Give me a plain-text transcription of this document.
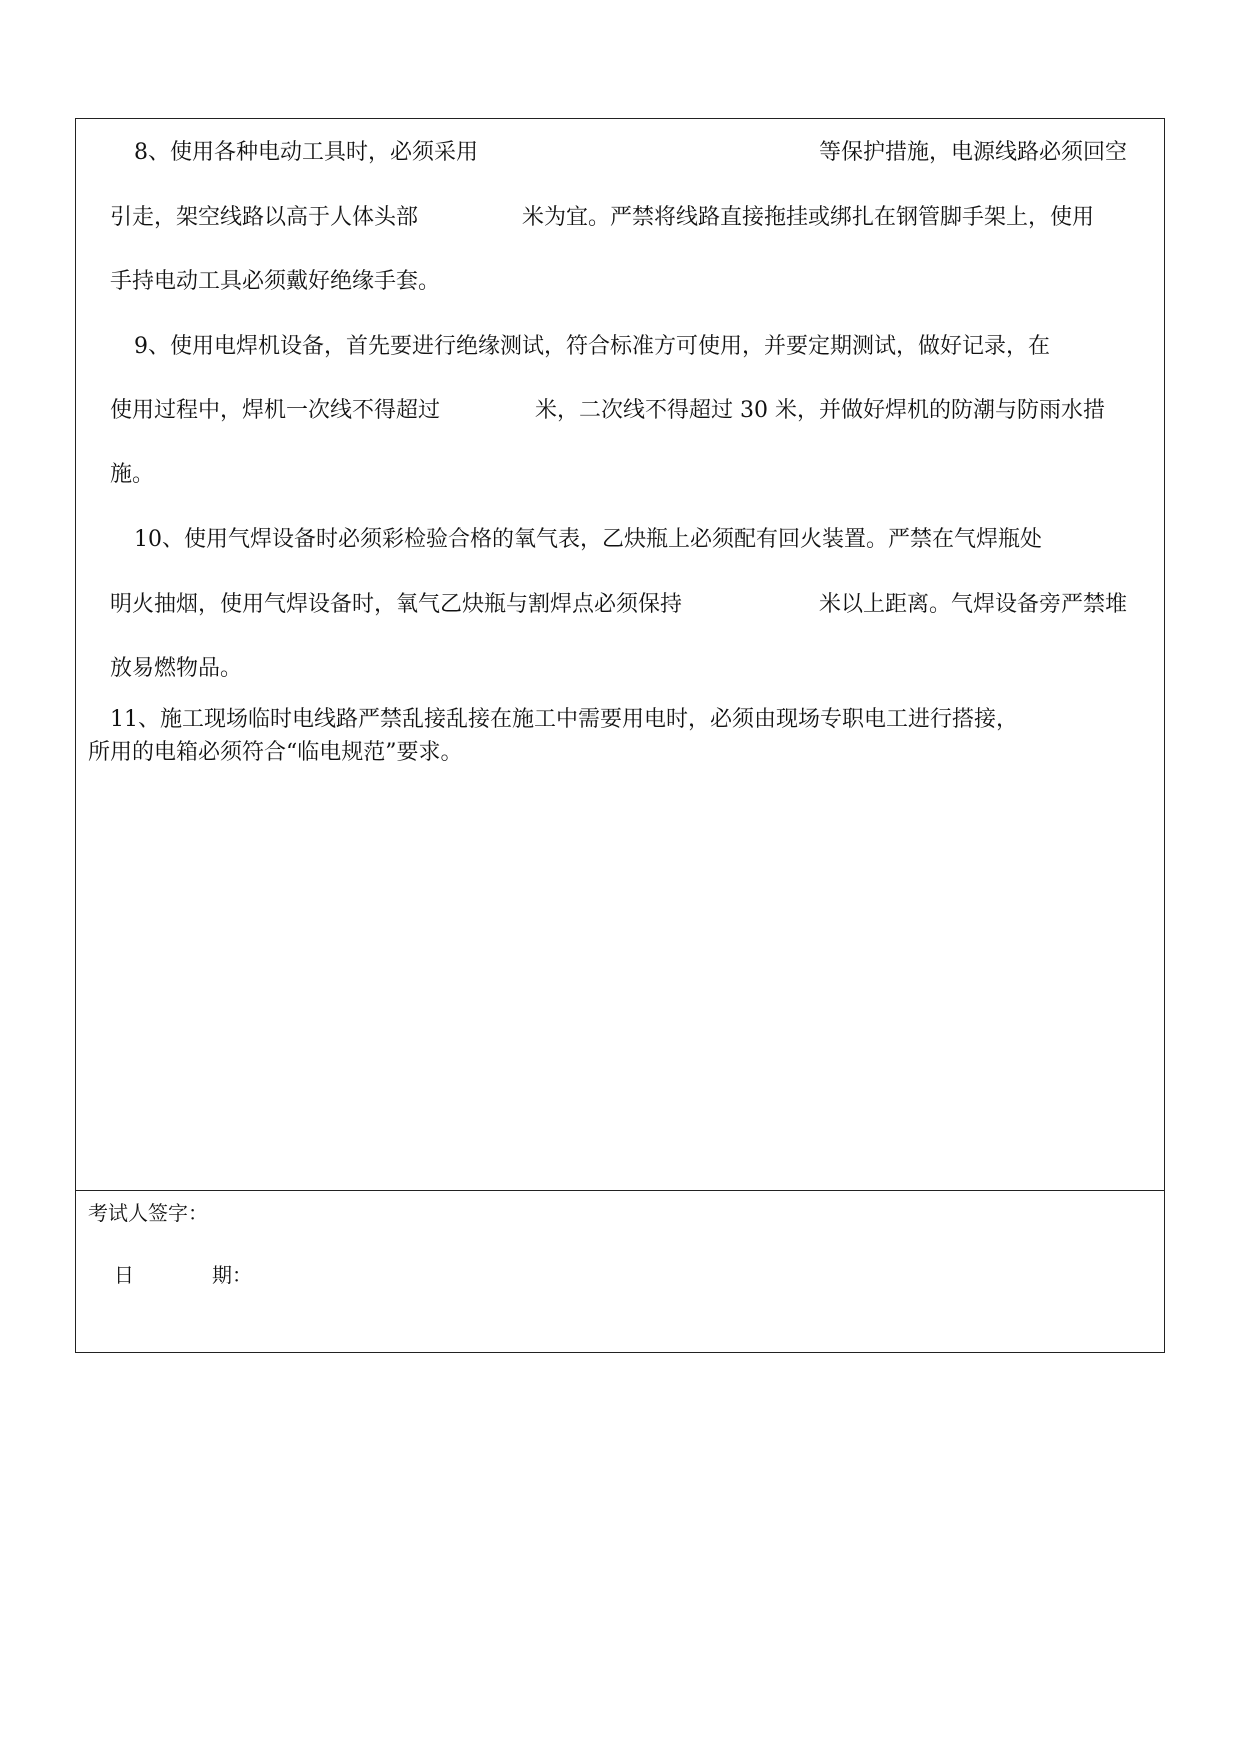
8、使用各种电动工具时，必须采用	等保护措施，电源线路必须回空
引走，架空线路以高于人体头部	米为宜。严禁将线路直接拖挂或绑扎在钢管脚手架上，使用
手持电动工具必须戴好绝缘手套。
9、使用电焊机设备，首先要进行绝缘测试，符合标准方可使用，并要定期测试，做好记录，在
使用过程中，焊机一次线不得超过	米，二次线不得超过 30 米，并做好焊机的防潮与防雨水措
施。
10、使用气焊设备时必须彩检验合格的氧气表，乙炔瓶上必须配有回火装置。严禁在气焊瓶处
明火抽烟，使用气焊设备时，氧气乙炔瓶与割焊点必须保持	米以上距离。气焊设备旁严禁堆
放易燃物品。
11、施工现场临时电线路严禁乱接乱接在施工中需要用电时，必须由现场专职电工进行搭接，
所用的电箱必须符合“临电规范”要求。
考试人签字：
日	期：
